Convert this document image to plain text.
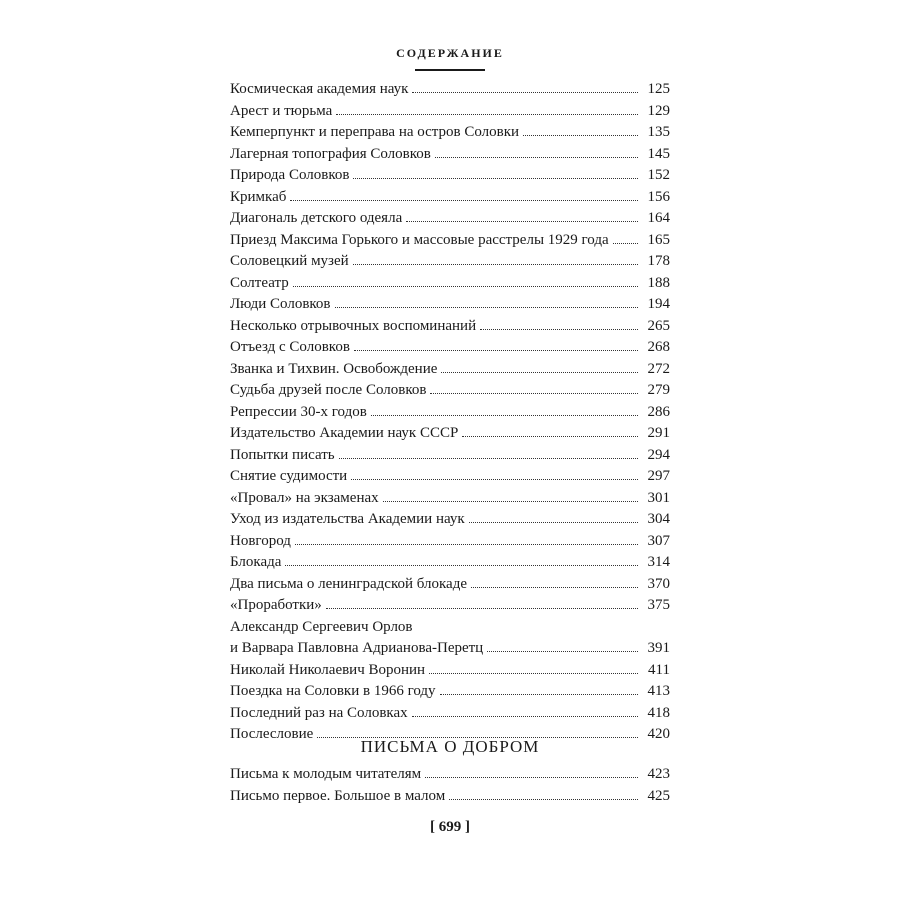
СОДЕРЖАНИЕ
Космическая академия наук	125
Арест и тюрьма	129
Кемперпункт и переправа на остров Соловки	135
Лагерная топография Соловков	145
Природа Соловков	152
Кримкаб	156
Диагональ детского одеяла	164
Приезд Максима Горького и массовые расстрелы 1929 года	165
Соловецкий музей	178
Солтеатр	188
Люди Соловков	194
Несколько отрывочных воспоминаний	265
Отъезд с Соловков	268
Званка и Тихвин. Освобождение	272
Судьба друзей после Соловков	279
Репрессии 30-х годов	286
Издательство Академии наук СССР	291
Попытки писать	294
Снятие судимости	297
«Провал» на экзаменах	301
Уход из издательства Академии наук	304
Новгород	307
Блокада	314
Два письма о ленинградской блокаде	370
«Проработки»	375
Александр Сергеевич Орлов
и Варвара Павловна Адрианова-Перетц	391
Николай Николаевич Воронин	411
Поездка на Соловки в 1966 году	413
Последний раз на Соловках	418
Послесловие	420
ПИСЬМА О ДОБРОМ
Письма к молодым читателям	423
Письмо первое. Большое в малом	425
[ 699 ]
